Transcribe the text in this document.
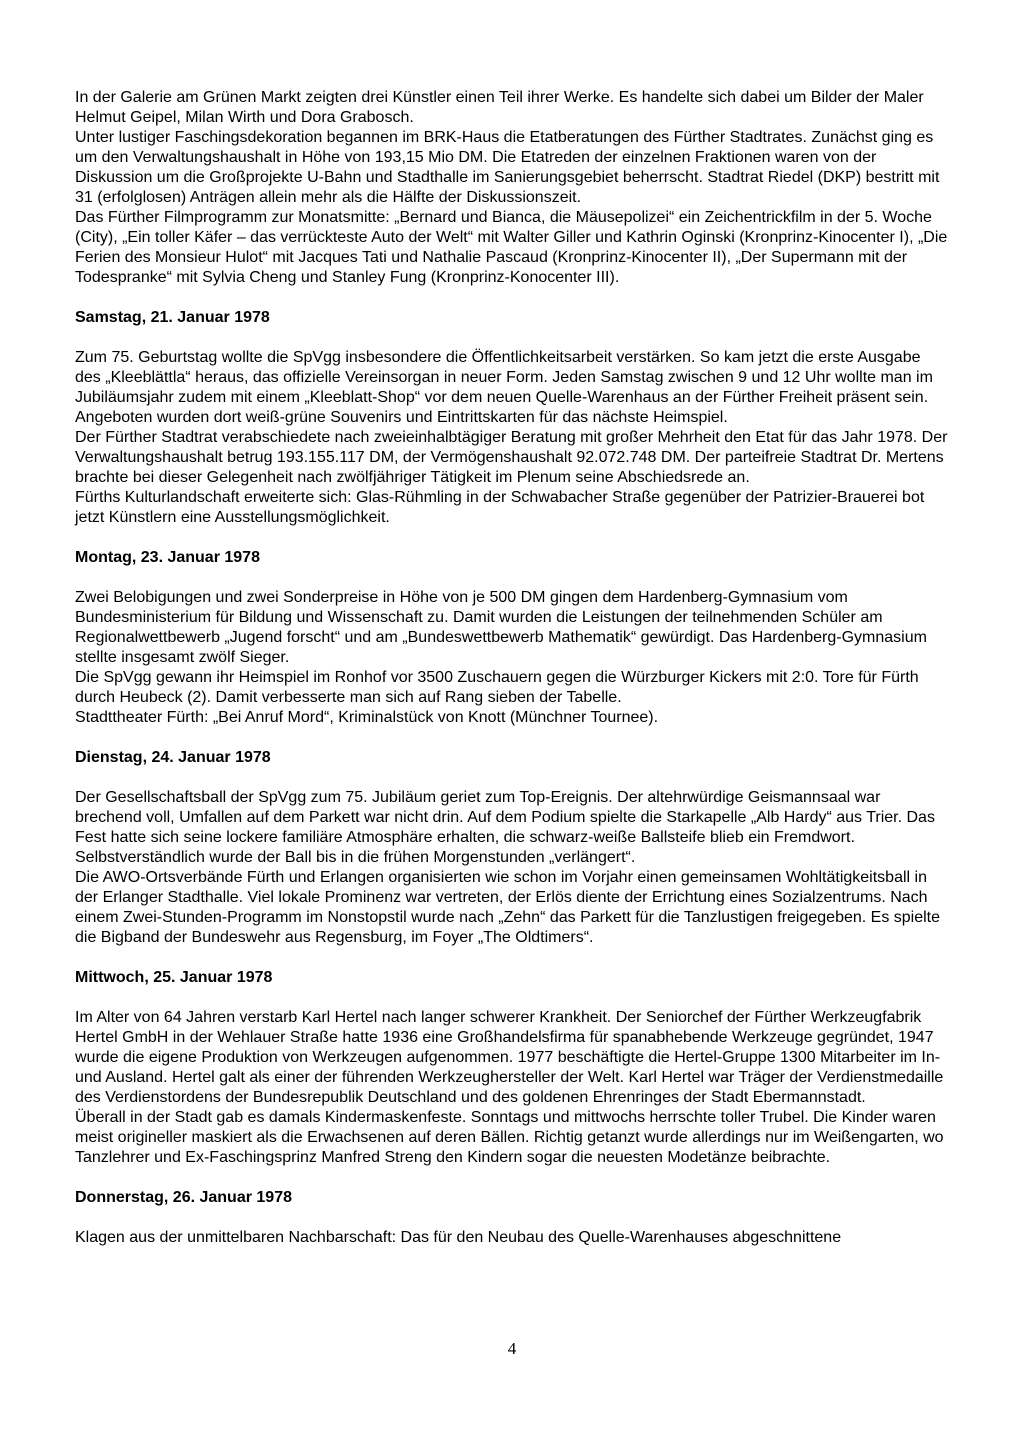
In der Galerie am Grünen Markt zeigten drei Künstler einen Teil ihrer Werke. Es handelte sich dabei um Bilder der Maler Helmut Geipel, Milan Wirth und Dora Grabosch.

Unter lustiger Faschingsdekoration begannen im BRK-Haus die Etatberatungen des Fürther Stadtrates. Zunächst ging es um den Verwaltungshaushalt in Höhe von 193,15 Mio DM. Die Etatreden der einzelnen Fraktionen waren von der Diskussion um die Großprojekte U-Bahn und Stadthalle im Sanierungsgebiet beherrscht. Stadtrat Riedel (DKP) bestritt mit 31 (erfolglosen) Anträgen allein mehr als die Hälfte der Diskussionszeit.

Das Fürther Filmprogramm zur Monatsmitte: „Bernard und Bianca, die Mäusepolizei“ ein Zeichentrickfilm in der 5. Woche (City), „Ein toller Käfer – das verrückteste Auto der Welt“ mit Walter Giller und Kathrin Oginski (Kronprinz-Kinocenter I), „Die Ferien des Monsieur Hulot“ mit Jacques Tati und Nathalie Pascaud (Kronprinz-Kinocenter II), „Der Supermann mit der Todespranke“ mit Sylvia Cheng und Stanley Fung (Kronprinz-Konocenter III).

Samstag, 21. Januar 1978

Zum 75. Geburtstag wollte die SpVgg insbesondere die Öffentlichkeitsarbeit verstärken. So kam jetzt die erste Ausgabe des „Kleeblättla“ heraus, das offizielle Vereinsorgan in neuer Form. Jeden Samstag zwischen 9 und 12 Uhr wollte man im Jubiläumsjahr zudem mit einem „Kleeblatt-Shop“ vor dem neuen Quelle-Warenhaus an der Fürther Freiheit präsent sein. Angeboten wurden dort weiß-grüne Souvenirs und Eintrittskarten für das nächste Heimspiel.

Der Fürther Stadtrat verabschiedete nach zweieinhalbtägiger Beratung mit großer Mehrheit den Etat für das Jahr 1978. Der Verwaltungshaushalt betrug 193.155.117 DM, der Vermögenshaushalt 92.072.748 DM. Der parteifreie Stadtrat Dr. Mertens brachte bei dieser Gelegenheit nach zwölfjähriger Tätigkeit im Plenum seine Abschiedsrede an.

Fürths Kulturlandschaft erweiterte sich: Glas-Rühmling in der Schwabacher Straße gegenüber der Patrizier-Brauerei bot jetzt Künstlern eine Ausstellungsmöglichkeit.

Montag, 23. Januar 1978

Zwei Belobigungen und zwei Sonderpreise in Höhe von je 500 DM gingen dem Hardenberg-Gymnasium vom Bundesministerium für Bildung und Wissenschaft zu. Damit wurden die Leistungen der teilnehmenden Schüler am Regionalwettbewerb „Jugend forscht“ und am „Bundeswettbewerb Mathematik“ gewürdigt. Das Hardenberg-Gymnasium stellte insgesamt zwölf Sieger.

Die SpVgg gewann ihr Heimspiel im Ronhof vor 3500 Zuschauern gegen die Würzburger Kickers mit 2:0. Tore für Fürth durch Heubeck (2). Damit verbesserte man sich auf Rang sieben der Tabelle.

Stadttheater Fürth: „Bei Anruf Mord“, Kriminalstück von Knott (Münchner Tournee).

Dienstag, 24. Januar 1978

Der Gesellschaftsball der SpVgg zum 75. Jubiläum geriet zum Top-Ereignis. Der altehrwürdige Geismannsaal war brechend voll, Umfallen auf dem Parkett war nicht drin. Auf dem Podium spielte die Starkapelle „Alb Hardy“ aus Trier. Das Fest hatte sich seine lockere familiäre Atmosphäre erhalten, die schwarz-weiße Ballsteife blieb ein Fremdwort. Selbstverständlich wurde der Ball bis in die frühen Morgenstunden „verlängert“.

Die AWO-Ortsverbände Fürth und Erlangen organisierten wie schon im Vorjahr einen gemeinsamen Wohltätigkeitsball in der Erlanger Stadthalle. Viel lokale Prominenz war vertreten, der Erlös diente der Errichtung eines Sozialzentrums. Nach einem Zwei-Stunden-Programm im Nonstopstil wurde nach „Zehn“ das Parkett für die Tanzlustigen freigegeben. Es spielte die Bigband der Bundeswehr aus Regensburg, im Foyer „The Oldtimers“.

Mittwoch, 25. Januar 1978

Im Alter von 64 Jahren verstarb Karl Hertel nach langer schwerer Krankheit. Der Seniorchef der Fürther Werkzeugfabrik Hertel GmbH in der Wehlauer Straße hatte 1936 eine Großhandelsfirma für spanabhebende Werkzeuge gegründet, 1947 wurde die eigene Produktion von Werkzeugen aufgenommen. 1977 beschäftigte die Hertel-Gruppe 1300 Mitarbeiter im In- und Ausland. Hertel galt als einer der führenden Werkzeughersteller der Welt. Karl Hertel war Träger der Verdienstmedaille des Verdienstordens der Bundesrepublik Deutschland und des goldenen Ehrenringes der Stadt Ebermannstadt.

Überall in der Stadt gab es damals Kindermaskenfeste. Sonntags und mittwochs herrschte toller Trubel. Die Kinder waren meist origineller maskiert als die Erwachsenen auf deren Bällen. Richtig getanzt wurde allerdings nur im Weißengarten, wo Tanzlehrer und Ex-Faschingsprinz Manfred Streng den Kindern sogar die neuesten Modetänze beibrachte.

Donnerstag, 26. Januar 1978

Klagen aus der unmittelbaren Nachbarschaft: Das für den Neubau des Quelle-Warenhauses abgeschnittene

4
